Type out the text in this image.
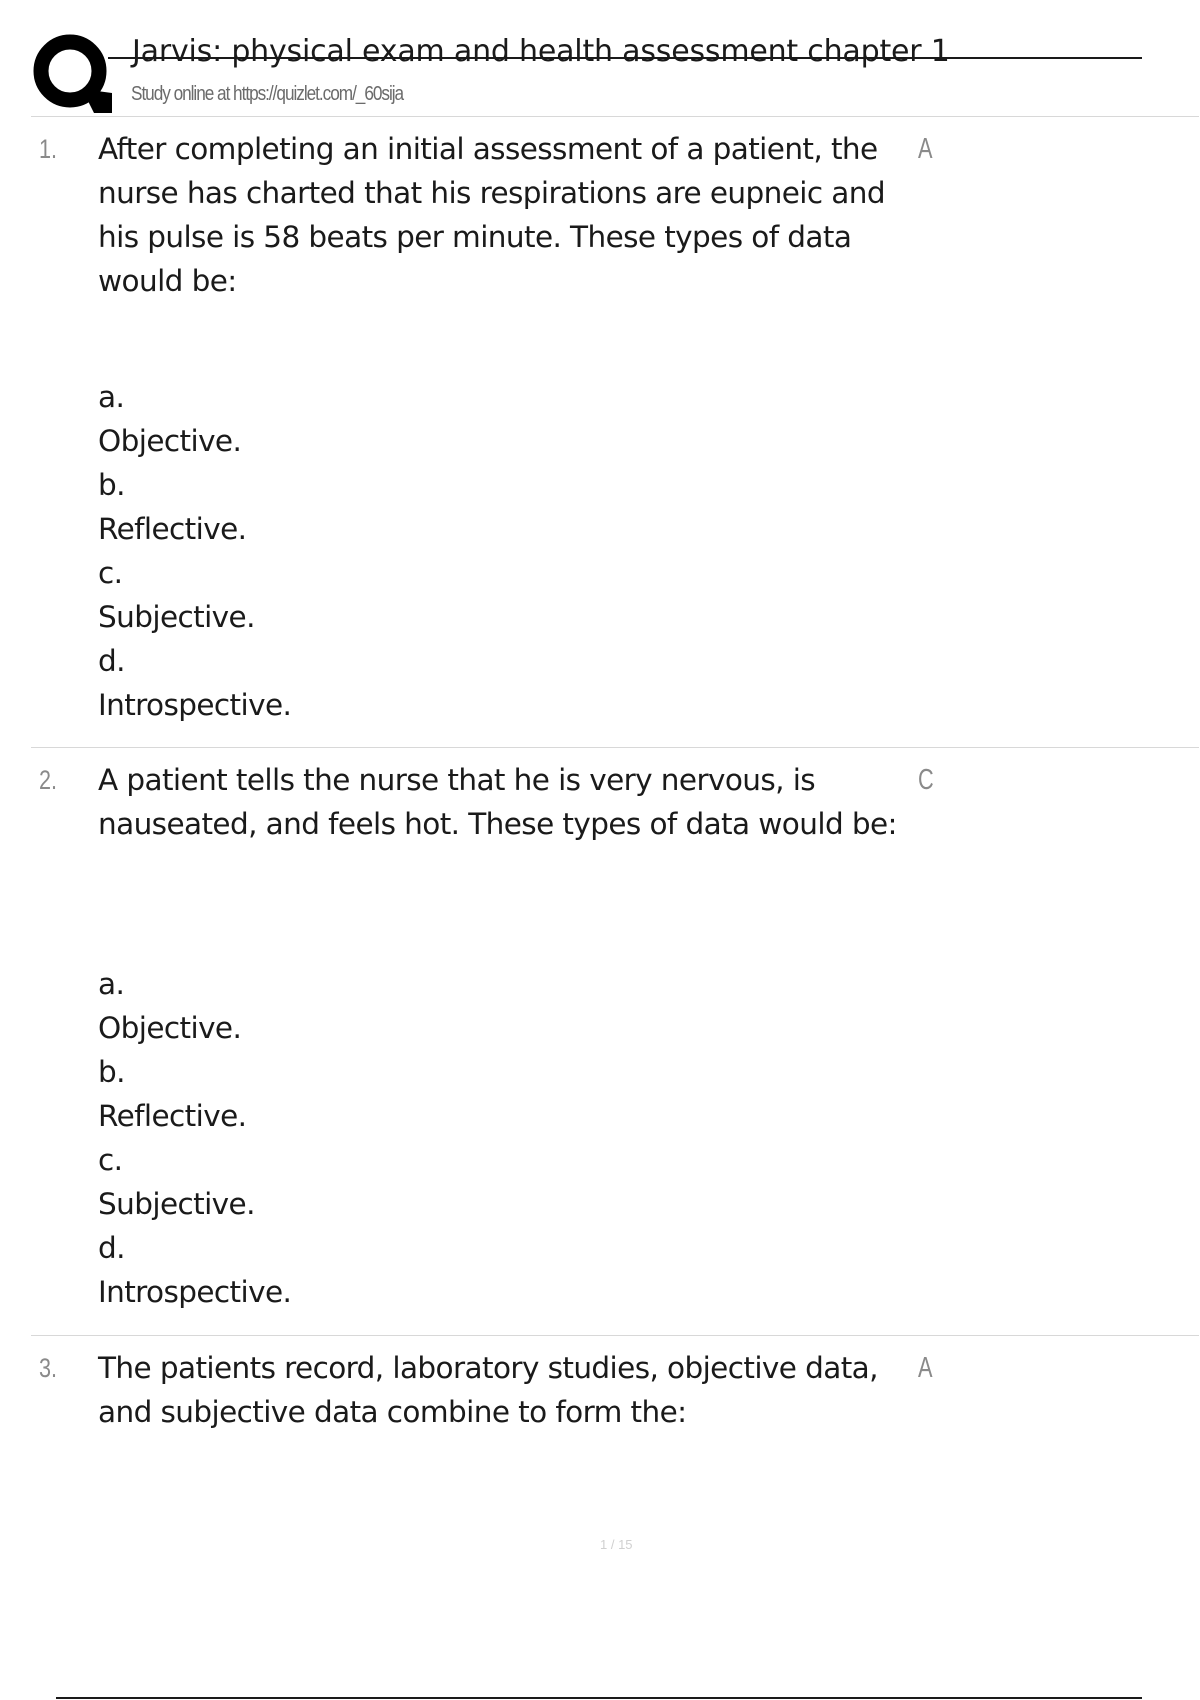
Jarvis: physical exam and health assessment chapter 1
Study online at https://quizlet.com/_60sija
1. After completing an initial assessment of a patient, the nurse has charted that his respirations are eupneic and his pulse is 58 beats per minute. These types of data would be:

A
a.
Objective.
b.
Reflective.
c.
Subjective.
d.
Introspective.
2. A patient tells the nurse that he is very nervous, is nauseated, and feels hot. These types of data would be:

C
a.
Objective.
b.
Reflective.
c.
Subjective.
d.
Introspective.
3. The patients record, laboratory studies, objective data, and subjective data combine to form the:

A
1 / 15
